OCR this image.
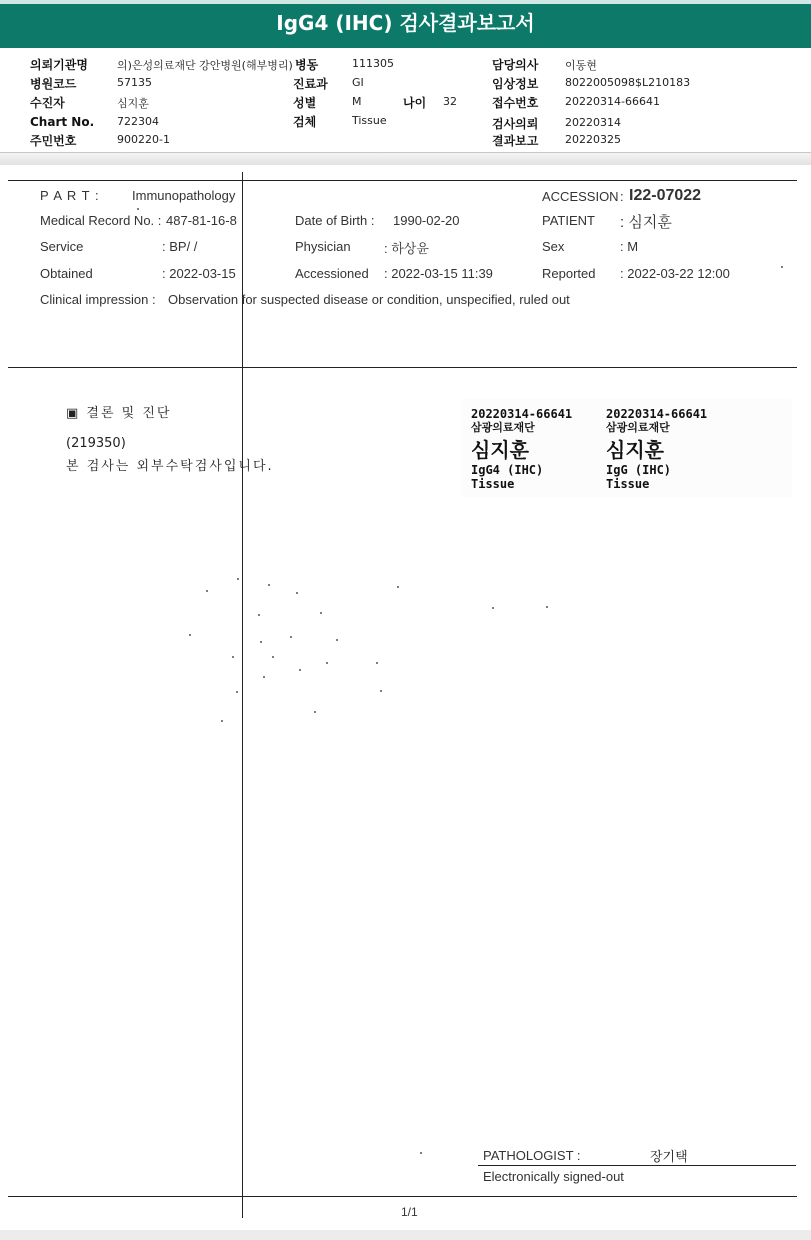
IgG4 (IHC) 검사결과보고서
의뢰기관명	의)은성의료재단 강안병원(해부병리) 병동	111305	담당의사 이동현
병원코드	57135	진료과 GI	임상정보 8022005098$L210183
수진자	심지훈	성별	M	나이 32	접수번호 20220314-66641
Chart No. 722304	검체	Tissue	검사의뢰 20220314
주민번호	900220-1	결과보고 20220325
P A R T : Immunopathology	ACCESSION : I22-07022
Medical Record No. : 487-81-16-8	Date of Birth : 1990-02-20	PATIENT : 심지훈
Service	: BP/ /	Physician	: 하상윤	Sex	: M
Obtained	: 2022-03-15	Accessioned : 2022-03-15 11:39	Reported : 2022-03-22 12:00
Clinical impression : Observation for suspected disease or condition, unspecified, ruled out
▣ 결론 및 진단
(219350)
본 검사는 외부수탁검사입니다.
20220314-66641
삼광의료재단
심지훈
IgG4 (IHC)
Tissue
20220314-66641
삼광의료재단
심지훈
IgG (IHC)
Tissue
PATHOLOGIST :	장기택
Electronically signed-out
1/1
